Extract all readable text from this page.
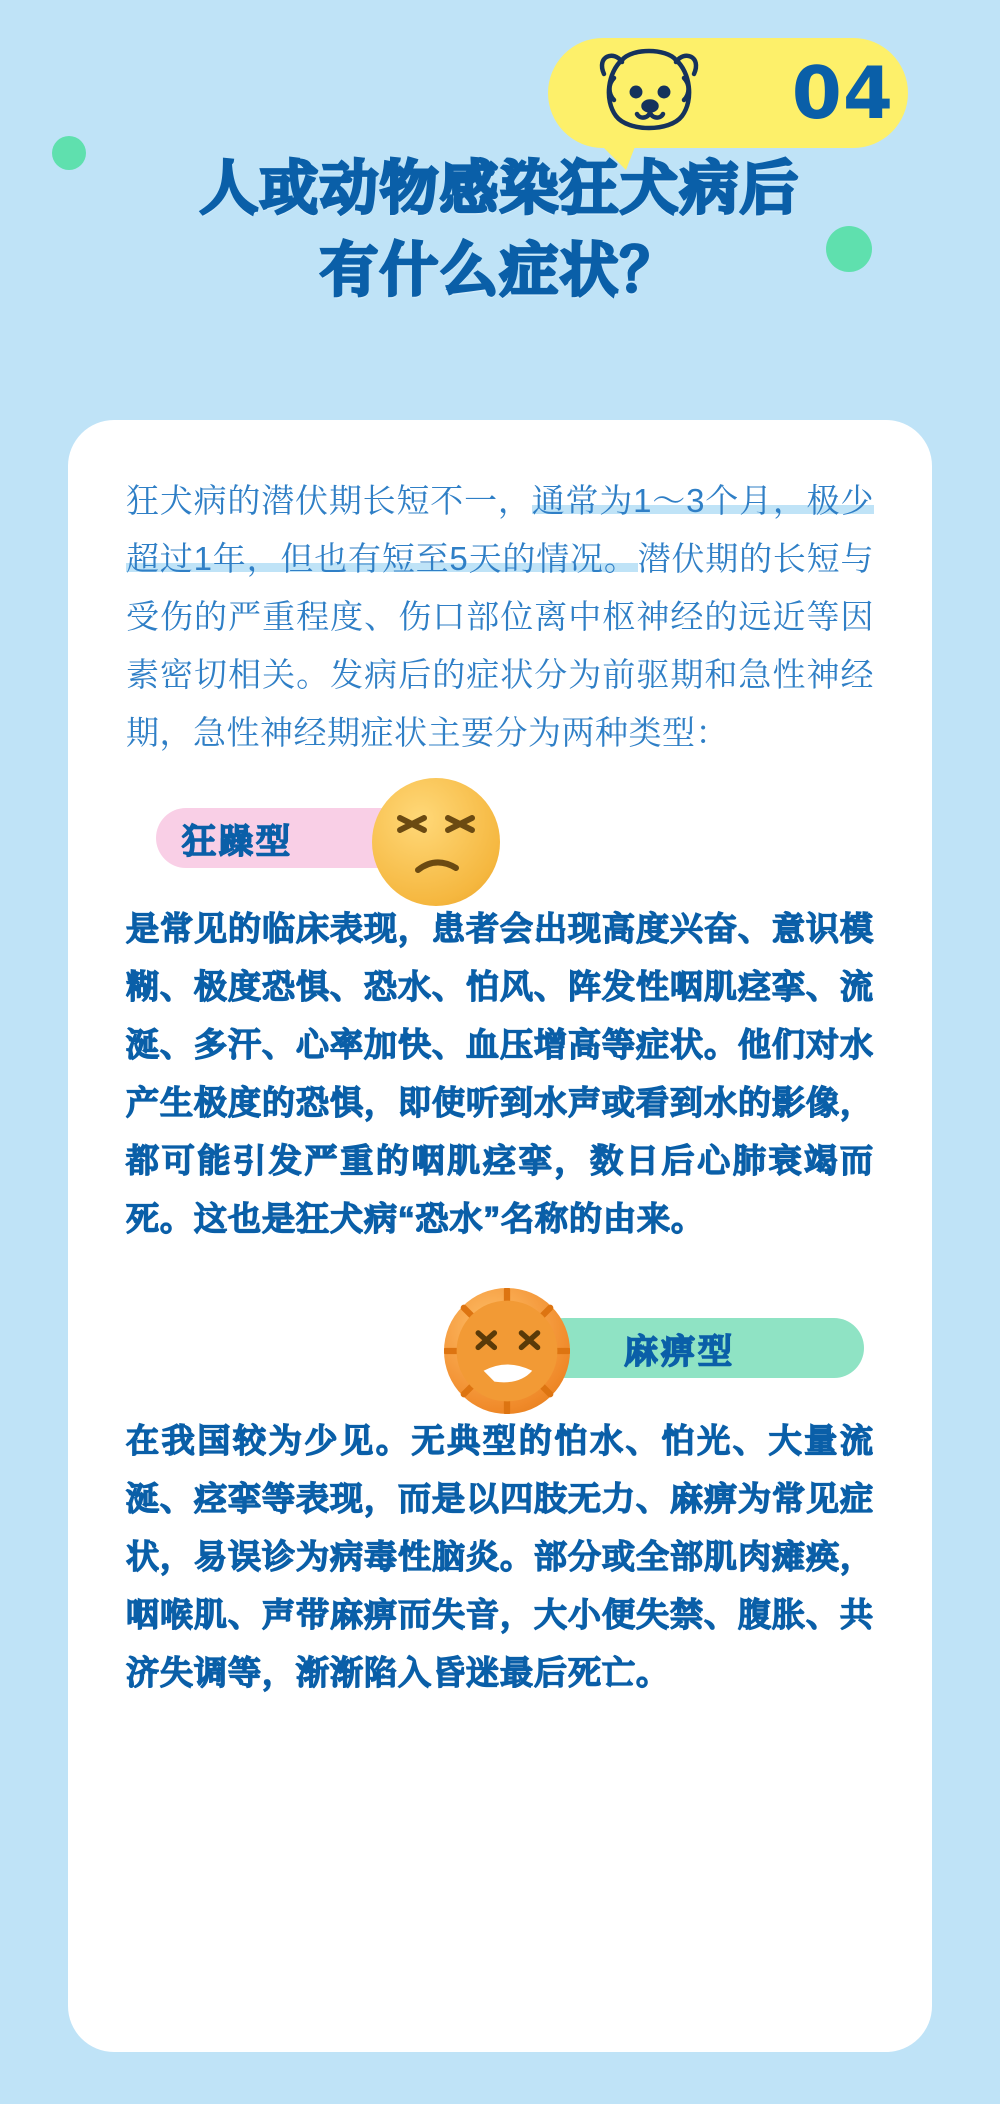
04
人或动物感染狂犬病后
有什么症状？
狂犬病的潜伏期长短不一，通常为1～3个月，极少超过1年，但也有短至5天的情况。潜伏期的长短与受伤的严重程度、伤口部位离中枢神经的远近等因素密切相关。发病后的症状分为前驱期和急性神经期，急性神经期症状主要分为两种类型：
狂躁型
是常见的临床表现，患者会出现高度兴奋、意识模糊、极度恐惧、恐水、怕风、阵发性咽肌痉挛、流涎、多汗、心率加快、血压增高等症状。他们对水产生极度的恐惧，即使听到水声或看到水的影像，都可能引发严重的咽肌痉挛，数日后心肺衰竭而死。这也是狂犬病“恐水”名称的由来。
麻痹型
在我国较为少见。无典型的怕水、怕光、大量流涎、痉挛等表现，而是以四肢无力、麻痹为常见症状，易误诊为病毒性脑炎。部分或全部肌肉瘫痪，咽喉肌、声带麻痹而失音，大小便失禁、腹胀、共济失调等，渐渐陷入昏迷最后死亡。
